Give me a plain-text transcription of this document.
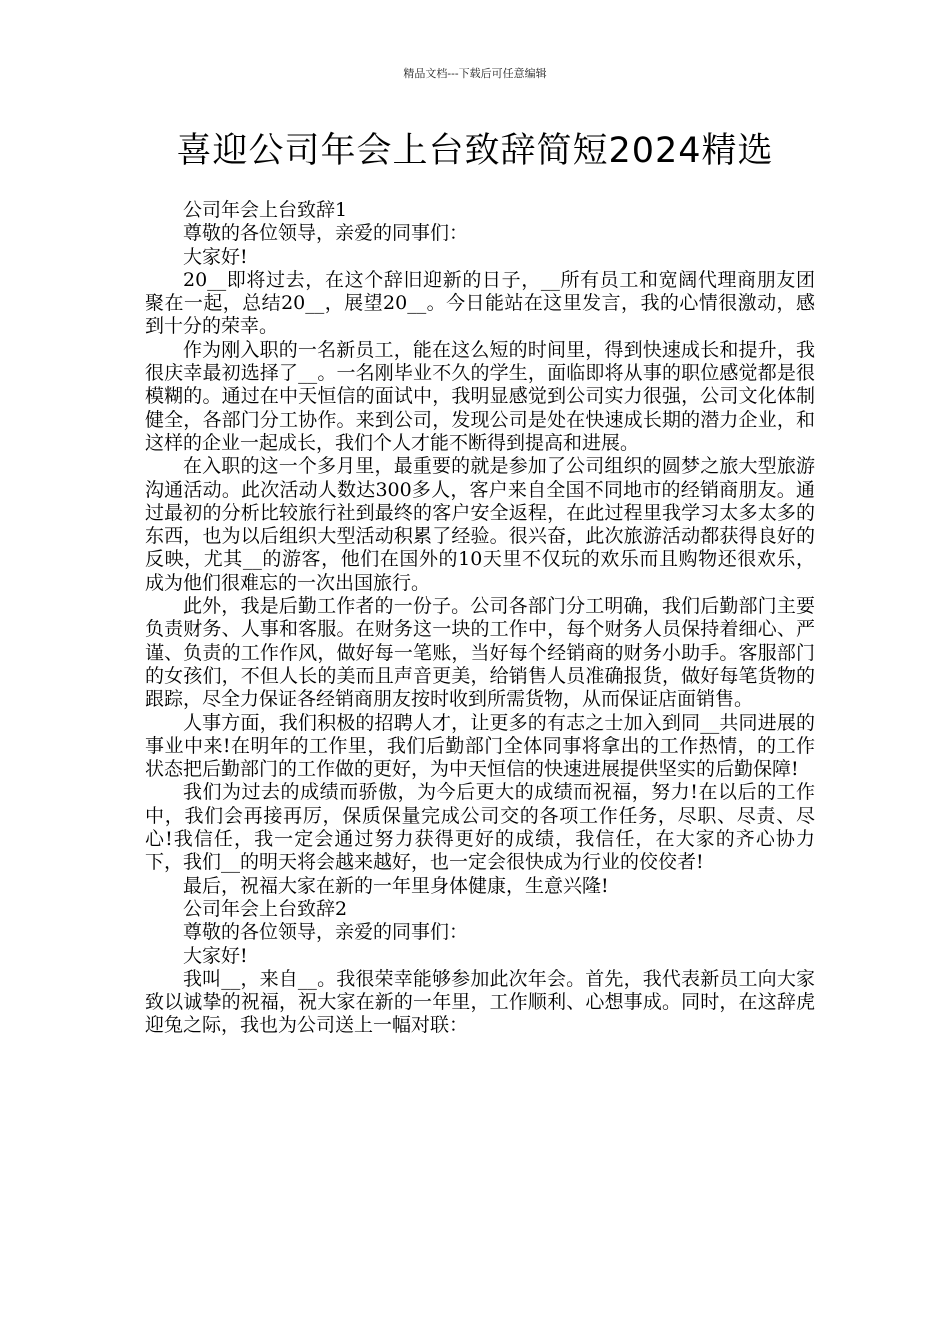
精品文档---下载后可任意编辑
喜迎公司年会上台致辞简短2024精选

公司年会上台致辞1

尊敬的各位领导，亲爱的同事们：

大家好!

20__即将过去，在这个辞旧迎新的日子，__所有员工和宽阔代理商朋友团聚在一起，总结20__，展望20__。今日能站在这里发言，我的心情很激动，感到十分的荣幸。

作为刚入职的一名新员工，能在这么短的时间里，得到快速成长和提升，我很庆幸最初选择了__。一名刚毕业不久的学生，面临即将从事的职位感觉都是很模糊的。通过在中天恒信的面试中，我明显感觉到公司实力很强，公司文化体制健全，各部门分工协作。来到公司，发现公司是处在快速成长期的潜力企业，和这样的企业一起成长，我们个人才能不断得到提高和进展。

在入职的这一个多月里，最重要的就是参加了公司组织的圆梦之旅大型旅游沟通活动。此次活动人数达300多人，客户来自全国不同地市的经销商朋友。通过最初的分析比较旅行社到最终的客户安全返程，在此过程里我学习太多太多的东西，也为以后组织大型活动积累了经验。很兴奋，此次旅游活动都获得良好的反映，尤其__的游客，他们在国外的10天里不仅玩的欢乐而且购物还很欢乐，成为他们很难忘的一次出国旅行。

此外，我是后勤工作者的一份子。公司各部门分工明确，我们后勤部门主要负责财务、人事和客服。在财务这一块的工作中，每个财务人员保持着细心、严谨、负责的工作作风，做好每一笔账，当好每个经销商的财务小助手。客服部门的女孩们，不但人长的美而且声音更美，给销售人员准确报货，做好每笔货物的跟踪，尽全力保证各经销商朋友按时收到所需货物，从而保证店面销售。

人事方面，我们积极的招聘人才，让更多的有志之士加入到同__共同进展的事业中来!在明年的工作里，我们后勤部门全体同事将拿出的工作热情，的工作状态把后勤部门的工作做的更好，为中天恒信的快速进展提供坚实的后勤保障!

我们为过去的成绩而骄傲，为今后更大的成绩而祝福，努力!在以后的工作中，我们会再接再厉，保质保量完成公司交的各项工作任务，尽职、尽责、尽心!我信任，我一定会通过努力获得更好的成绩，我信任，在大家的齐心协力下，我们__的明天将会越来越好，也一定会很快成为行业的佼佼者!

最后，祝福大家在新的一年里身体健康，生意兴隆!

公司年会上台致辞2

尊敬的各位领导，亲爱的同事们：

大家好!

我叫__，来自__。我很荣幸能够参加此次年会。首先，我代表新员工向大家致以诚挚的祝福，祝大家在新的一年里，工作顺利、心想事成。同时，在这辞虎迎兔之际，我也为公司送上一幅对联：
